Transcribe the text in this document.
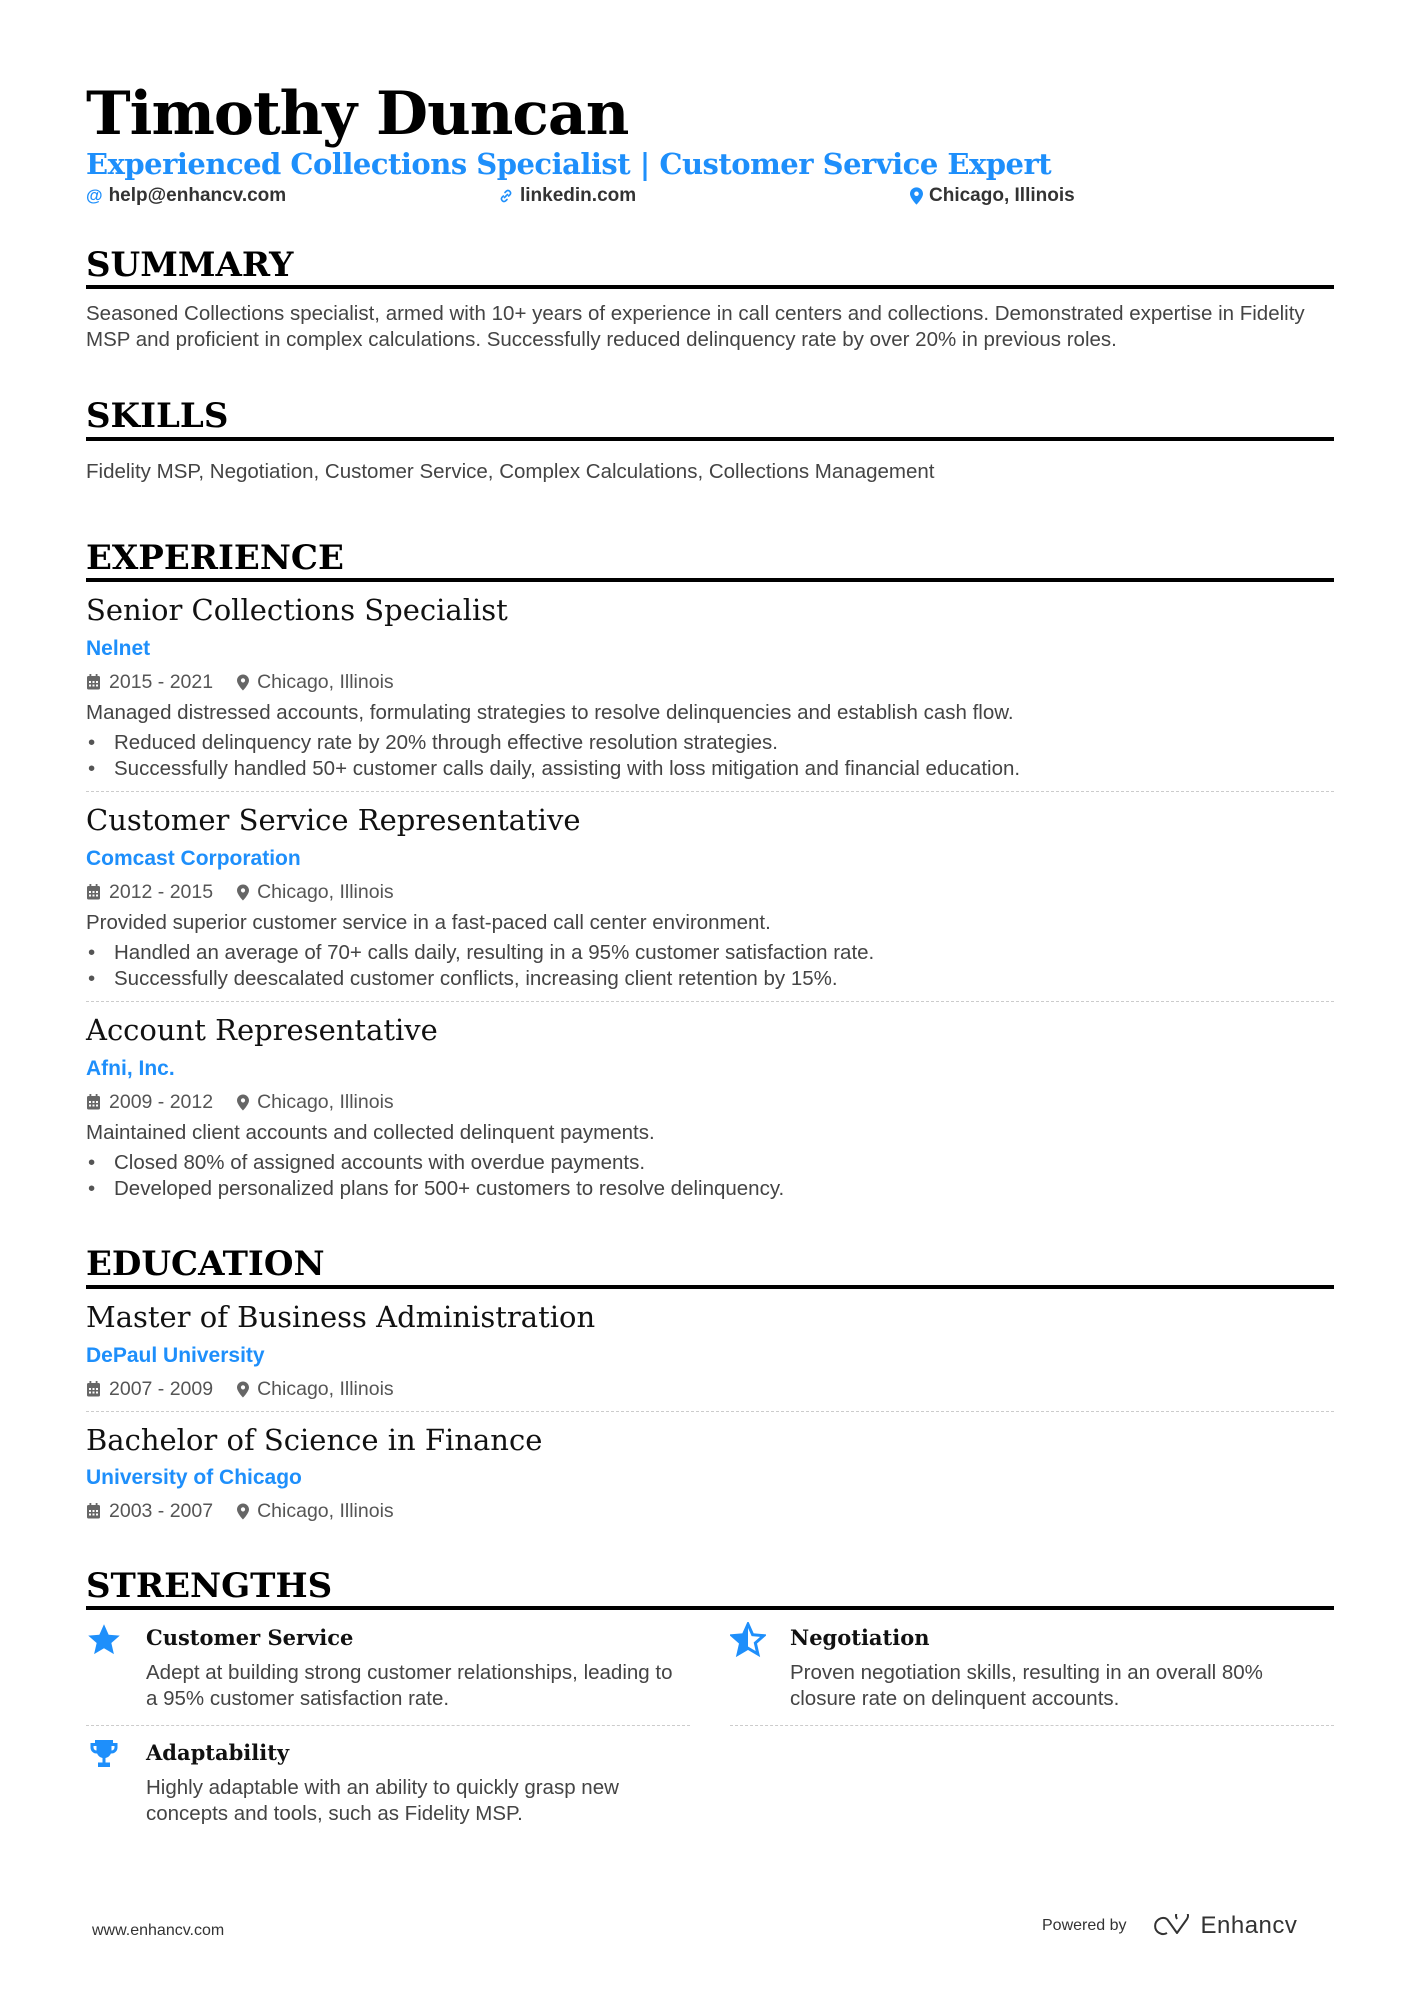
Timothy Duncan
Experienced Collections Specialist | Customer Service Expert
@ help@enhancv.com	linkedin.com	Chicago, Illinois
SUMMARY
Seasoned Collections specialist, armed with 10+ years of experience in call centers and collections. Demonstrated expertise in Fidelity MSP and proficient in complex calculations. Successfully reduced delinquency rate by over 20% in previous roles.
SKILLS
Fidelity MSP, Negotiation, Customer Service, Complex Calculations, Collections Management
EXPERIENCE
Senior Collections Specialist
Nelnet
2015 - 2021 Chicago, Illinois
Managed distressed accounts, formulating strategies to resolve delinquencies and establish cash flow.
• Reduced delinquency rate by 20% through effective resolution strategies.
• Successfully handled 50+ customer calls daily, assisting with loss mitigation and financial education.
Customer Service Representative
Comcast Corporation
2012 - 2015 Chicago, Illinois
Provided superior customer service in a fast-paced call center environment.
• Handled an average of 70+ calls daily, resulting in a 95% customer satisfaction rate.
• Successfully deescalated customer conflicts, increasing client retention by 15%.
Account Representative
Afni, Inc.
2009 - 2012 Chicago, Illinois
Maintained client accounts and collected delinquent payments.
• Closed 80% of assigned accounts with overdue payments.
• Developed personalized plans for 500+ customers to resolve delinquency.
EDUCATION
Master of Business Administration
DePaul University
2007 - 2009 Chicago, Illinois
Bachelor of Science in Finance
University of Chicago
2003 - 2007 Chicago, Illinois
STRENGTHS
Customer Service
Adept at building strong customer relationships, leading to a 95% customer satisfaction rate.
Negotiation
Proven negotiation skills, resulting in an overall 80% closure rate on delinquent accounts.
Adaptability
Highly adaptable with an ability to quickly grasp new concepts and tools, such as Fidelity MSP.
www.enhancv.com	Powered by	Enhancv
